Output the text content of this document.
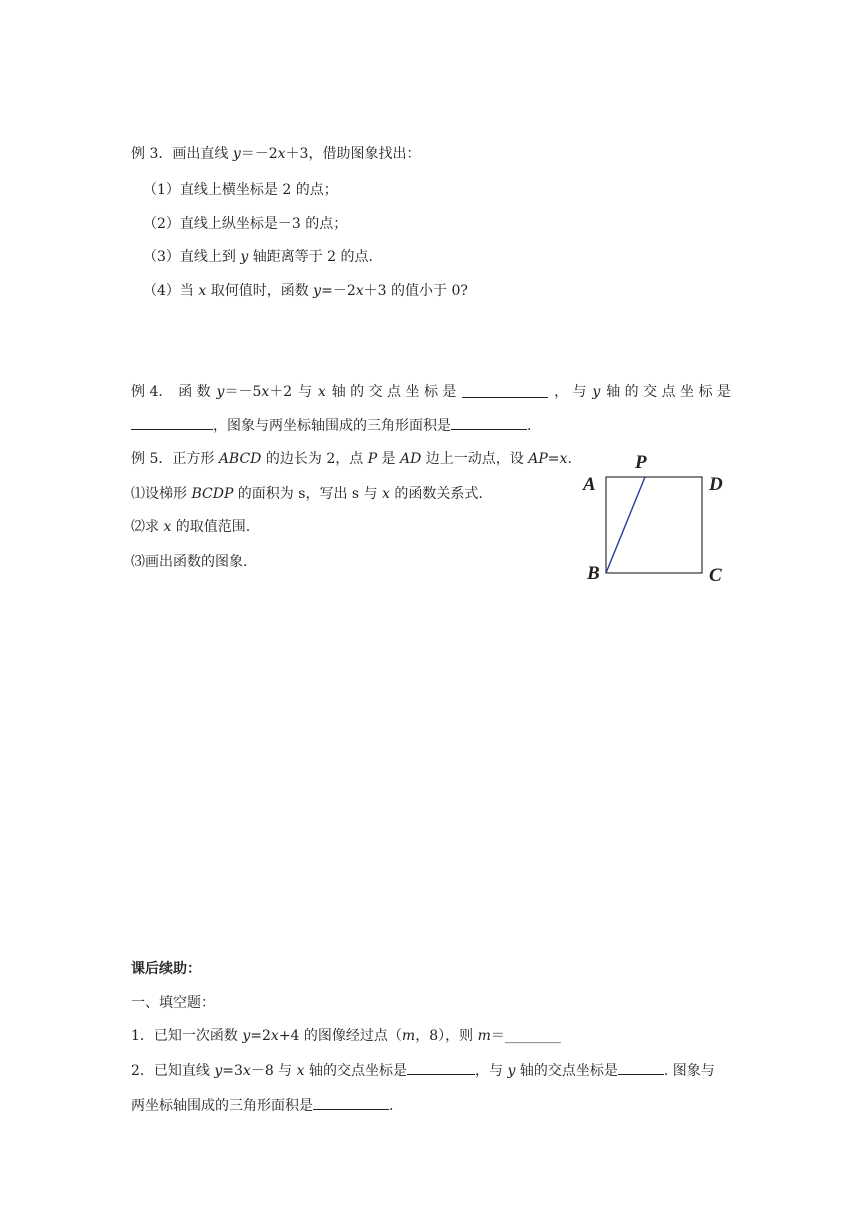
例 3．画出直线 y＝－2x＋3，借助图象找出：
（1）直线上横坐标是 2 的点；
（2）直线上纵坐标是－3 的点；
（3）直线上到 y 轴距离等于 2 的点．
（4）当 x 取何值时，函数 y=－2x＋3 的值小于 0?
例 4． 函 数 y＝－5x＋2 与 x 轴 的 交 点 坐 标 是	， 与 y 轴 的 交 点 坐 标 是
，图象与两坐标轴围成的三角形面积是	.
例 5．正方形 ABCD 的边长为 2，点 P 是 AD 边上一动点，设 AP=x.
⑴设梯形 BCDP 的面积为 s，写出 s 与 x 的函数关系式.
⑵求 x 的取值范围.
⑶画出函数的图象.
P
A	D
B	C
课后续助：
一、填空题：
1．已知一次函数 y=2x+4 的图像经过点（m，8），则 m＝________
2．已知直线 y=3x－8 与 x 轴的交点坐标是	，与 y 轴的交点坐标是	. 图象与
两坐标轴围成的三角形面积是	.
